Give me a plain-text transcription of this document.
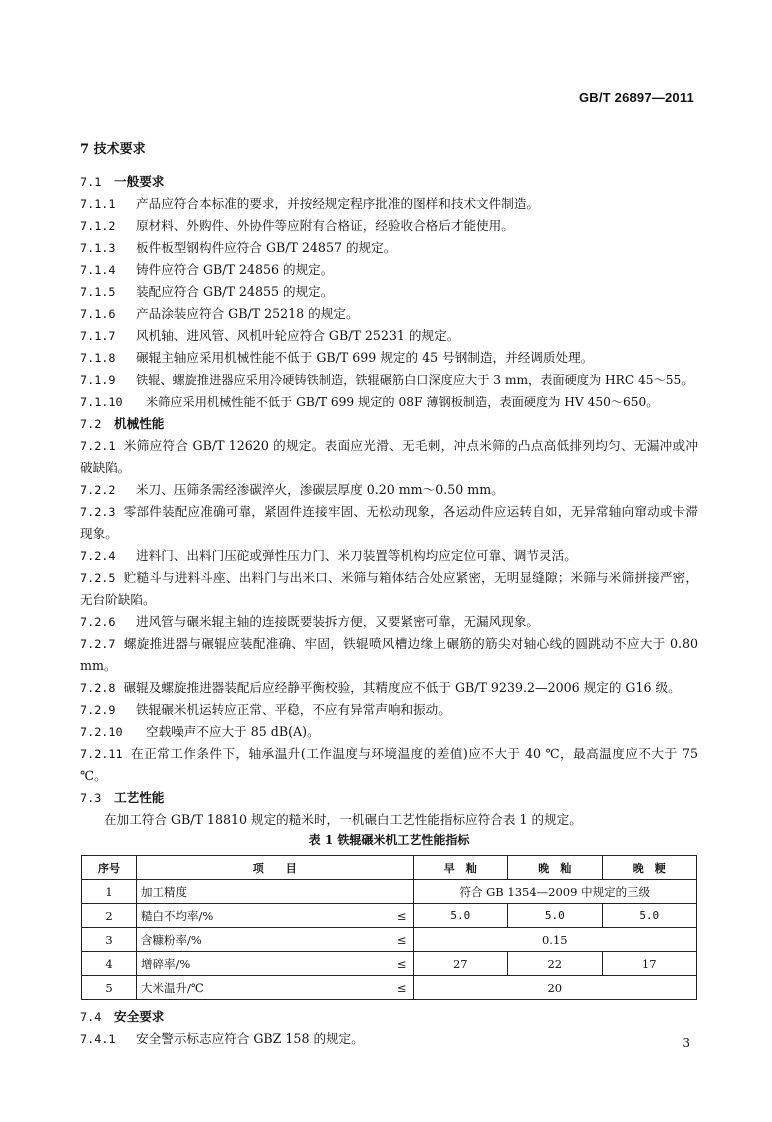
GB/T 26897—2011
7 技术要求
7.1 一般要求
7.1.1 产品应符合本标准的要求，并按经规定程序批准的图样和技术文件制造。
7.1.2 原材料、外购件、外协件等应附有合格证，经验收合格后才能使用。
7.1.3 板件板型钢构件应符合 GB/T 24857 的规定。
7.1.4 铸件应符合 GB/T 24856 的规定。
7.1.5 装配应符合 GB/T 24855 的规定。
7.1.6 产品涂装应符合 GB/T 25218 的规定。
7.1.7 风机轴、进风管、风机叶轮应符合 GB/T 25231 的规定。
7.1.8 碾辊主轴应采用机械性能不低于 GB/T 699 规定的 45 号钢制造，并经调质处理。
7.1.9 铁辊、螺旋推进器应采用冷硬铸铁制造，铁辊碾筋白口深度应大于 3 mm，表面硬度为 HRC 45～55。
7.1.10 米筛应采用机械性能不低于 GB/T 699 规定的 08F 薄钢板制造，表面硬度为 HV 450～650。
7.2 机械性能
7.2.1 米筛应符合 GB/T 12620 的规定。表面应光滑、无毛刺，冲点米筛的凸点高低排列均匀、无漏冲或冲破缺陷。
7.2.2 米刀、压筛条需经渗碳淬火，渗碳层厚度 0.20 mm～0.50 mm。
7.2.3 零部件装配应准确可靠，紧固件连接牢固、无松动现象，各运动件应运转自如，无异常轴向窜动或卡滞现象。
7.2.4 进料门、出料门压砣或弹性压力门、米刀装置等机构均应定位可靠、调节灵活。
7.2.5 贮糙斗与进料斗座、出料门与出米口、米筛与箱体结合处应紧密，无明显缝隙；米筛与米筛拼接严密，无台阶缺陷。
7.2.6 进风管与碾米辊主轴的连接既要装拆方便，又要紧密可靠，无漏风现象。
7.2.7 螺旋推进器与碾辊应装配准确、牢固，铁辊喷风槽边缘上碾筋的筋尖对轴心线的圆跳动不应大于 0.80 mm。
7.2.8 碾辊及螺旋推进器装配后应经静平衡校验，其精度应不低于 GB/T 9239.2—2006 规定的 G16 级。
7.2.9 铁辊碾米机运转应正常、平稳，不应有异常声响和振动。
7.2.10 空载噪声不应大于 85 dB(A)。
7.2.11 在正常工作条件下，轴承温升(工作温度与环境温度的差值)应不大于 40 ℃，最高温度应不大于 75 ℃。
7.3 工艺性能
在加工符合 GB/T 18810 规定的糙米时，一机碾白工艺性能指标应符合表 1 的规定。
表 1 铁辊碾米机工艺性能指标
序号	项　　目		早　籼	晚　籼	晚　粳
1	加工精度		符合 GB 1354—2009 中规定的三级		
2	糙白不均率/%	≤	5.0	5.0	5.0
3	含糠粉率/%	≤	0.15		
4	增碎率/%	≤	27	22	17
5	大米温升/℃	≤	20		
7.4 安全要求
7.4.1 安全警示标志应符合 GBZ 158 的规定。	3
